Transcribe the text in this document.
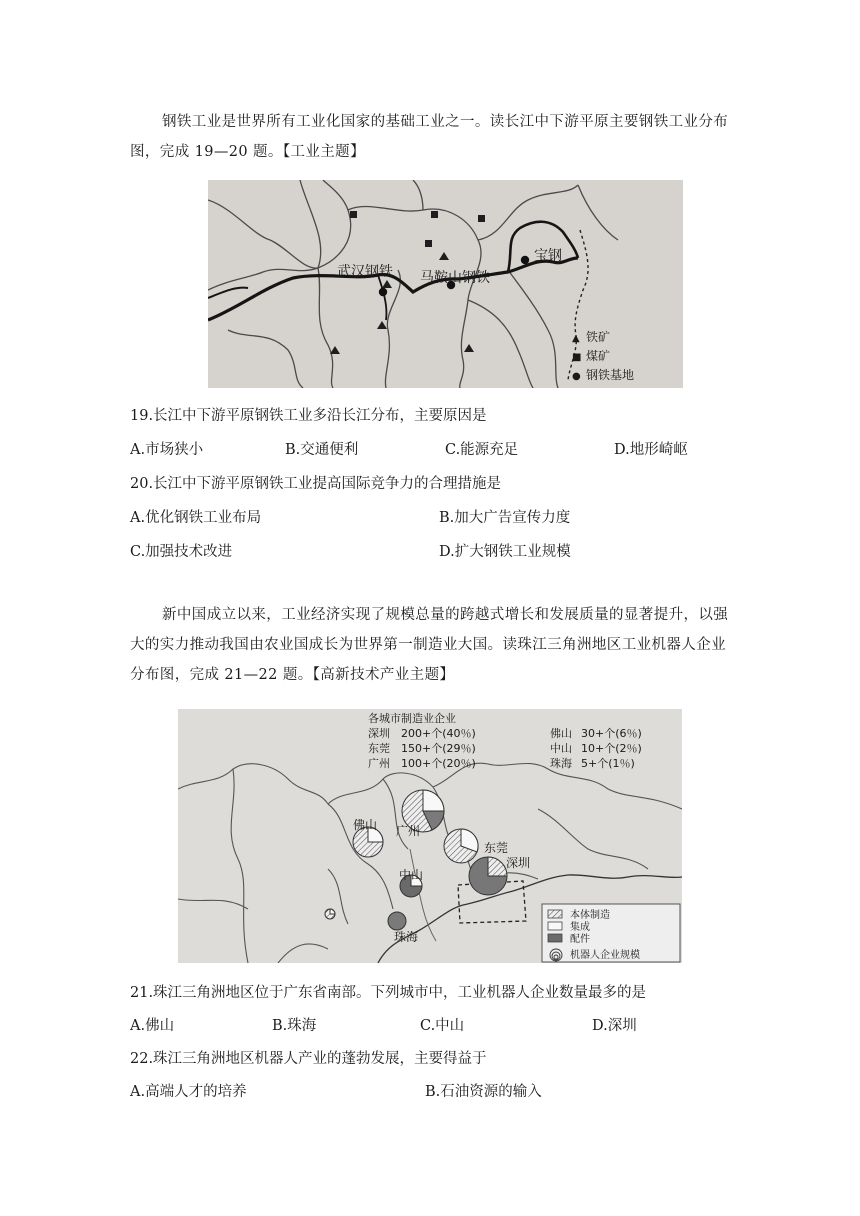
钢铁工业是世界所有工业化国家的基础工业之一。读长江中下游平原主要钢铁工业分布
图，完成 19—20 题。【工业主题】
武汉钢铁 马鞍山钢铁
宝钢
▲ 铁矿
■ 煤矿
● 钢铁基地
19.长江中下游平原钢铁工业多沿长江分布，主要原因是
A.市场狭小	B.交通便利	C.能源充足	D.地形崎岖
20.长江中下游平原钢铁工业提高国际竞争力的合理措施是
A.优化钢铁工业布局	B.加大广告宣传力度
C.加强技术改进	D.扩大钢铁工业规模
新中国成立以来，工业经济实现了规模总量的跨越式增长和发展质量的显著提升，以强
大的实力推动我国由农业国成长为世界第一制造业大国。读珠江三角洲地区工业机器人企业
分布图，完成 21—22 题。【高新技术产业主题】
各城市制造业企业
深圳 200+个(40％)	佛山 30+个(6％)
东莞 150+个(29％)	中山 10+个(2％)
广州 100+个(20％)	珠海 5+个(1％)
佛山 广州
东莞
深圳
中山
珠海
本体制造
集成
配件
机器人企业规模
21.珠江三角洲地区位于广东省南部。下列城市中，工业机器人企业数量最多的是
A.佛山	B.珠海	C.中山	D.深圳
22.珠江三角洲地区机器人产业的蓬勃发展，主要得益于
A.高端人才的培养	B.石油资源的输入
